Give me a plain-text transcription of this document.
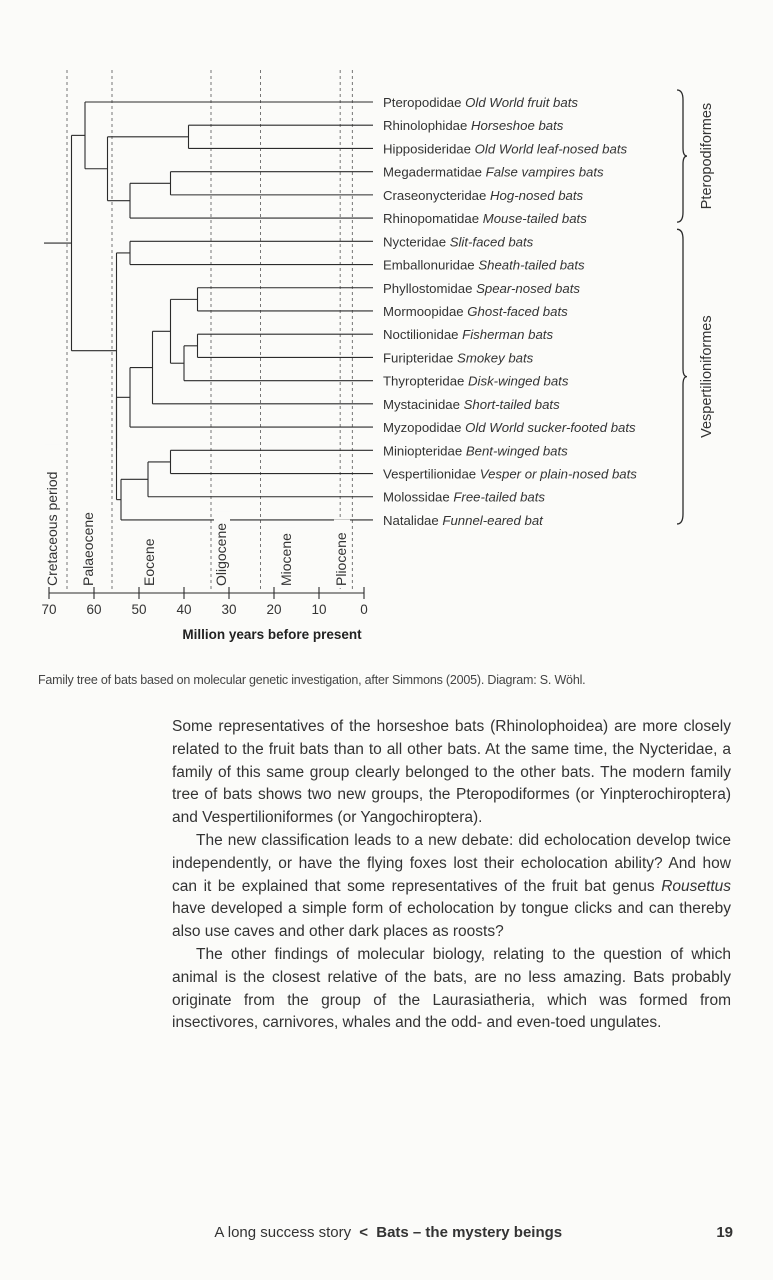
Pteropodidae Old World fruit bats
Rhinolophidae Horseshoe bats
Hipposideridae Old World leaf-nosed bats
Megadermatidae False vampires bats
Craseonycteridae Hog-nosed bats
Rhinopomatidae Mouse-tailed bats
Nycteridae Slit-faced bats
Emballonuridae Sheath-tailed bats
Phyllostomidae Spear-nosed bats
Mormoopidae Ghost-faced bats
Noctilionidae Fisherman bats
Furipteridae Smokey bats
Thyropteridae Disk-winged bats
Mystacinidae Short-tailed bats
Myzopodidae Old World sucker-footed bats
Miniopteridae Bent-winged bats
Vespertilionidae Vesper or plain-nosed bats
Molossidae Free-tailed bats
Natalidae Funnel-eared bat
Cretaceous period Palaeocene	Eocene	Oligocene	Miocene	Pliocene
70 60 50 40 30 20 10 0
Million years before present
Pteropodiformes
Vespertilioniformes
Family tree of bats based on molecular genetic investigation, after Simmons (2005). Diagram: S. Wöhl.

Some representatives of the horseshoe bats (Rhinolophoidea) are more closely related to the fruit bats than to all other bats. At the same time, the Nycteridae, a family of this same group clearly belonged to the other bats. The modern family tree of bats shows two new groups, the Pteropodiformes (or Yinpterochiroptera) and Vespertilioniformes (or Yangochiroptera).

The new classification leads to a new debate: did echolocation develop twice independently, or have the flying foxes lost their echolocation ability? And how can it be explained that some representatives of the fruit bat genus Rousettus have developed a simple form of echolocation by tongue clicks and can thereby also use caves and other dark places as roosts?

The other findings of molecular biology, relating to the question of which animal is the closest relative of the bats, are no less amazing. Bats probably originate from the group of the Laurasiatheria, which was formed from insectivores, carnivores, whales and the odd- and even-toed ungulates.

A long success story < Bats – the mystery beings	19
